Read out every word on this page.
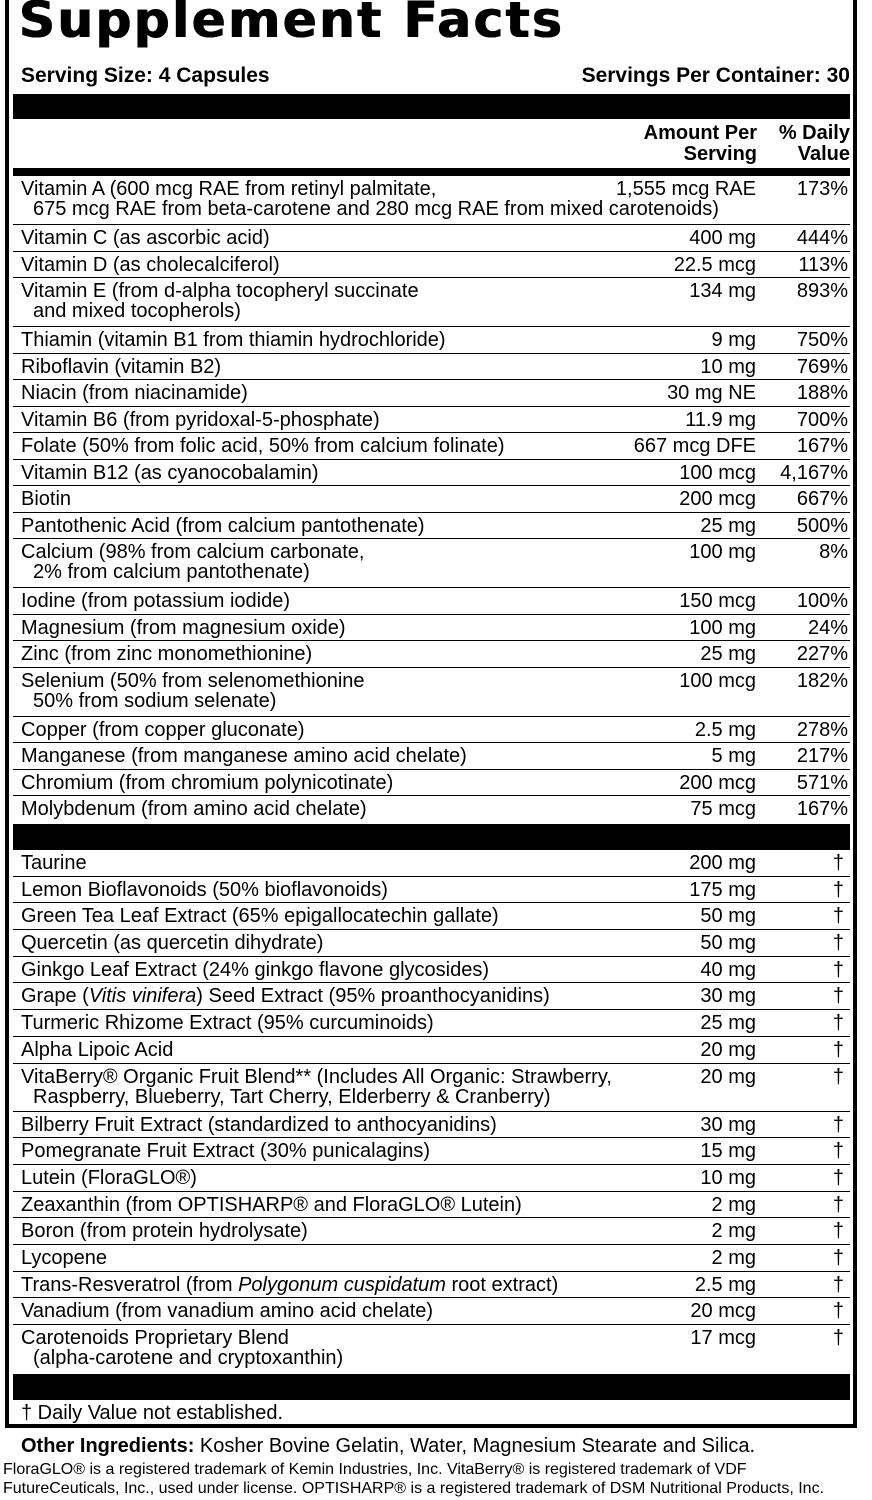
Supplement Facts
Serving Size: 4 Capsules	Servings Per Container: 30
Amount Per
Serving
% Daily
Value
Vitamin A (600 mcg RAE from retinyl palmitate,
675 mcg RAE from beta-carotene and 280 mcg RAE from mixed carotenoids)
1,555 mcg RAE 173%
Vitamin C (as ascorbic acid)	400 mg 444%
Vitamin D (as cholecalciferol)	22.5 mcg 113%
Vitamin E (from d-alpha tocopheryl succinate
and mixed tocopherols)
134 mg 893%
Thiamin (vitamin B1 from thiamin hydrochloride)	9 mg 750%
Riboflavin (vitamin B2)	10 mg 769%
Niacin (from niacinamide)	30 mg NE 188%
Vitamin B6 (from pyridoxal-5-phosphate)	11.9 mg 700%
Folate (50% from folic acid, 50% from calcium folinate)	667 mcg DFE 167%
Vitamin B12 (as cyanocobalamin)	100 mcg 4,167%
Biotin	200 mcg 667%
Pantothenic Acid (from calcium pantothenate)	25 mg 500%
Calcium (98% from calcium carbonate,
2% from calcium pantothenate)
100 mg	8%
Iodine (from potassium iodide)	150 mcg 100%
Magnesium (from magnesium oxide)	100 mg	24%
Zinc (from zinc monomethionine)	25 mg 227%
Selenium (50% from selenomethionine
50% from sodium selenate)
100 mcg 182%
Copper (from copper gluconate)	2.5 mg 278%
Manganese (from manganese amino acid chelate)	5 mg 217%
Chromium (from chromium polynicotinate)	200 mcg 571%
Molybdenum (from amino acid chelate)	75 mcg 167%
Taurine	200 mg	†
Lemon Bioflavonoids (50% bioflavonoids)	175 mg	†
Green Tea Leaf Extract (65% epigallocatechin gallate)	50 mg	†
Quercetin (as quercetin dihydrate)	50 mg	†
Ginkgo Leaf Extract (24% ginkgo flavone glycosides)	40 mg	†
Grape (Vitis vinifera) Seed Extract (95% proanthocyanidins)	30 mg	†
Turmeric Rhizome Extract (95% curcuminoids)	25 mg	†
Alpha Lipoic Acid	20 mg	†
VitaBerry® Organic Fruit Blend** (Includes All Organic: Strawberry,
Raspberry, Blueberry, Tart Cherry, Elderberry & Cranberry)
20 mg	†
Bilberry Fruit Extract (standardized to anthocyanidins)	30 mg	†
Pomegranate Fruit Extract (30% punicalagins)	15 mg	†
Lutein (FloraGLO®)	10 mg	†
Zeaxanthin (from OPTISHARP® and FloraGLO® Lutein)	2 mg	†
Boron (from protein hydrolysate)	2 mg	†
Lycopene	2 mg	†
Trans-Resveratrol (from Polygonum cuspidatum root extract)	2.5 mg	†
Vanadium (from vanadium amino acid chelate)	20 mcg	†
Carotenoids Proprietary Blend
(alpha-carotene and cryptoxanthin)
17 mcg	†
† Daily Value not established.
Other Ingredients: Kosher Bovine Gelatin, Water, Magnesium Stearate and Silica.
FloraGLO® is a registered trademark of Kemin Industries, Inc. VitaBerry® is registered trademark of VDF
FutureCeuticals, Inc., used under license. OPTISHARP® is a registered trademark of DSM Nutritional Products, Inc.
